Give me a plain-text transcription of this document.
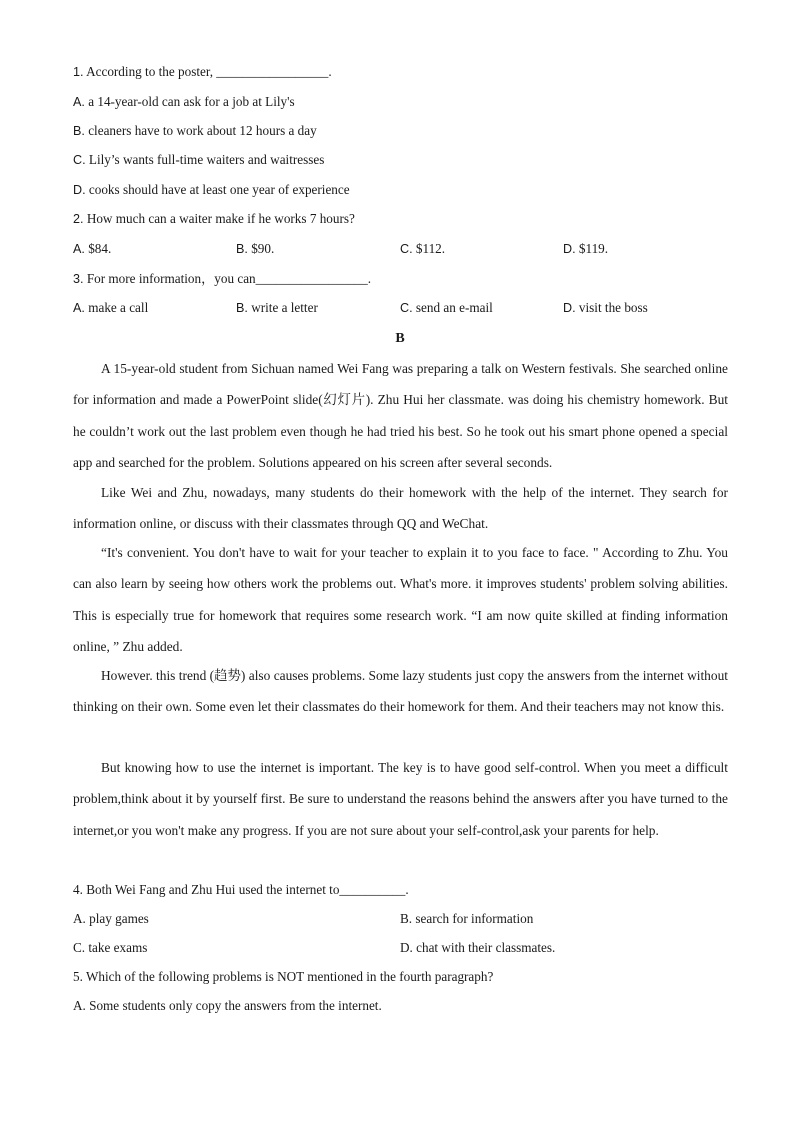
1. According to the poster, _________________.
A. a 14-year-old can ask for a job at Lily's
B. cleaners have to work about 12 hours a day
C. Lily’s wants full-time waiters and waitresses
D. cooks should have at least one year of experience
2. How much can a waiter make if he works 7 hours?
A. $84.	B. $90.	C. $112.	D. $119.
3. For more information，you can_________________.
A. make a call	B. write a letter	C. send an e-mail	D. visit the boss
B

A 15-year-old student from Sichuan named Wei Fang was preparing a talk on Western festivals. She searched online for information and made a PowerPoint slide(幻灯片). Zhu Hui her classmate. was doing his chemistry homework. But he couldn’t work out the last problem even though he had tried his best. So he took out his smart phone opened a special app and searched for the problem. Solutions appeared on his screen after several seconds.

Like Wei and Zhu, nowadays, many students do their homework with the help of the internet. They search for information online, or discuss with their classmates through QQ and WeChat.

“It's convenient. You don't have to wait for your teacher to explain it to you face to face. " According to Zhu. You can also learn by seeing how others work the problems out. What's more. it improves students' problem solving abilities. This is especially true for homework that requires some research work. “I am now quite skilled at finding information online, ” Zhu added.

However. this trend (趋势) also causes problems. Some lazy students just copy the answers from the internet without thinking on their own. Some even let their classmates do their homework for them. And their teachers may not know this.

But knowing how to use the internet is important. The key is to have good self-control. When you meet a difficult problem,think about it by yourself first. Be sure to understand the reasons behind the answers after you have turned to the internet,or you won't make any progress. If you are not sure about your self-control,ask your parents for help.

4. Both Wei Fang and Zhu Hui used the internet to__________.
A. play games	B. search for information
C. take exams	D. chat with their classmates.
5. Which of the following problems is NOT mentioned in the fourth paragraph?
A. Some students only copy the answers from the internet.
